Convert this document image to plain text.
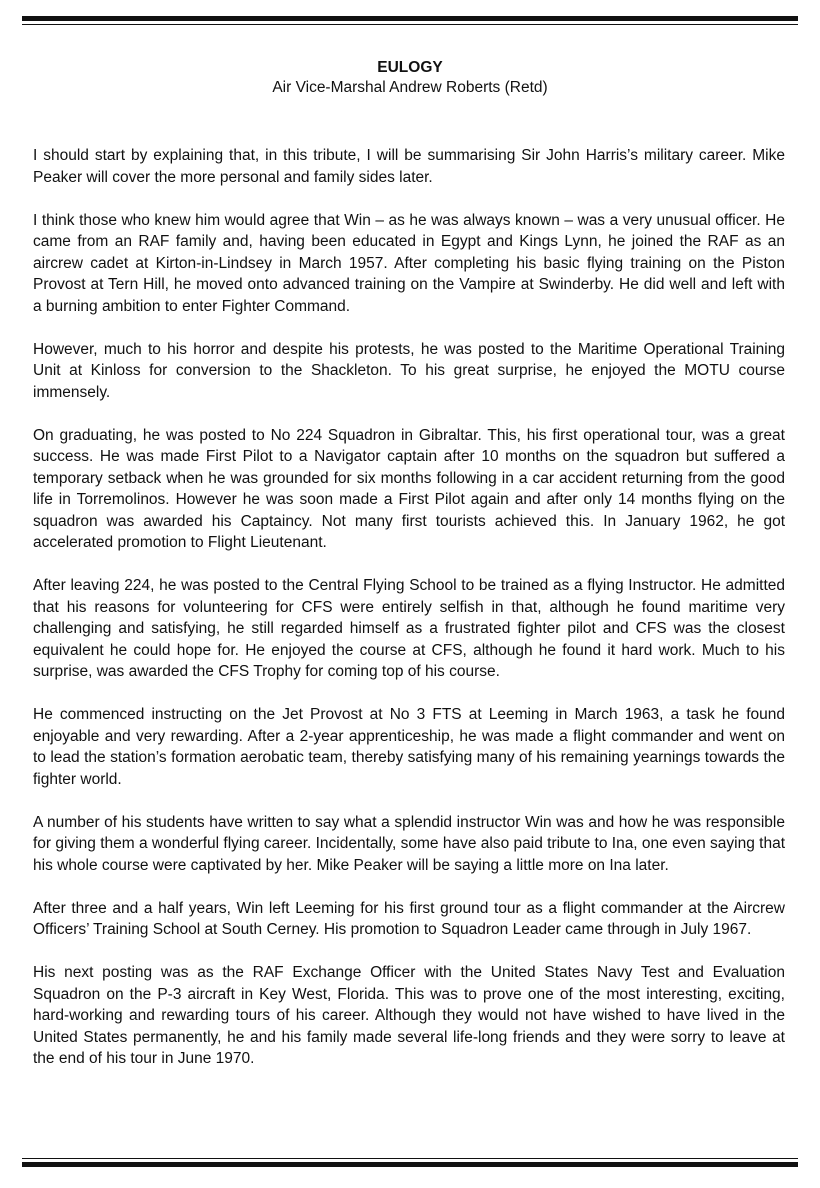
EULOGY
Air Vice-Marshal Andrew Roberts (Retd)

I should start by explaining that, in this tribute, I will be summarising Sir John Harris’s military career. Mike Peaker will cover the more personal and family sides later.

I think those who knew him would agree that Win – as he was always known – was a very unusual officer. He came from an RAF family and, having been educated in Egypt and Kings Lynn, he joined the RAF as an aircrew cadet at Kirton-in-Lindsey in March 1957. After completing his basic flying training on the Piston Provost at Tern Hill, he moved onto advanced training on the Vampire at Swinderby. He did well and left with a burning ambition to enter Fighter Command.

However, much to his horror and despite his protests, he was posted to the Maritime Operational Training Unit at Kinloss for conversion to the Shackleton. To his great surprise, he enjoyed the MOTU course immensely.

On graduating, he was posted to No 224 Squadron in Gibraltar. This, his first operational tour, was a great success. He was made First Pilot to a Navigator captain after 10 months on the squadron but suffered a temporary setback when he was grounded for six months following in a car accident returning from the good life in Torremolinos. However he was soon made a First Pilot again and after only 14 months flying on the squadron was awarded his Captaincy. Not many first tourists achieved this. In January 1962, he got accelerated promotion to Flight Lieutenant.

After leaving 224, he was posted to the Central Flying School to be trained as a flying Instructor. He admitted that his reasons for volunteering for CFS were entirely selfish in that, although he found maritime very challenging and satisfying, he still regarded himself as a frustrated fighter pilot and CFS was the closest equivalent he could hope for. He enjoyed the course at CFS, although he found it hard work. Much to his surprise, was awarded the CFS Trophy for coming top of his course.

He commenced instructing on the Jet Provost at No 3 FTS at Leeming in March 1963, a task he found enjoyable and very rewarding. After a 2-year apprenticeship, he was made a flight commander and went on to lead the station’s formation aerobatic team, thereby satisfying many of his remaining yearnings towards the fighter world.

A number of his students have written to say what a splendid instructor Win was and how he was responsible for giving them a wonderful flying career. Incidentally, some have also paid tribute to Ina, one even saying that his whole course were captivated by her. Mike Peaker will be saying a little more on Ina later.

After three and a half years, Win left Leeming for his first ground tour as a flight commander at the Aircrew Officers’ Training School at South Cerney. His promotion to Squadron Leader came through in July 1967.

His next posting was as the RAF Exchange Officer with the United States Navy Test and Evaluation Squadron on the P-3 aircraft in Key West, Florida. This was to prove one of the most interesting, exciting, hard-working and rewarding tours of his career. Although they would not have wished to have lived in the United States permanently, he and his family made several life-long friends and they were sorry to leave at the end of his tour in June 1970.
